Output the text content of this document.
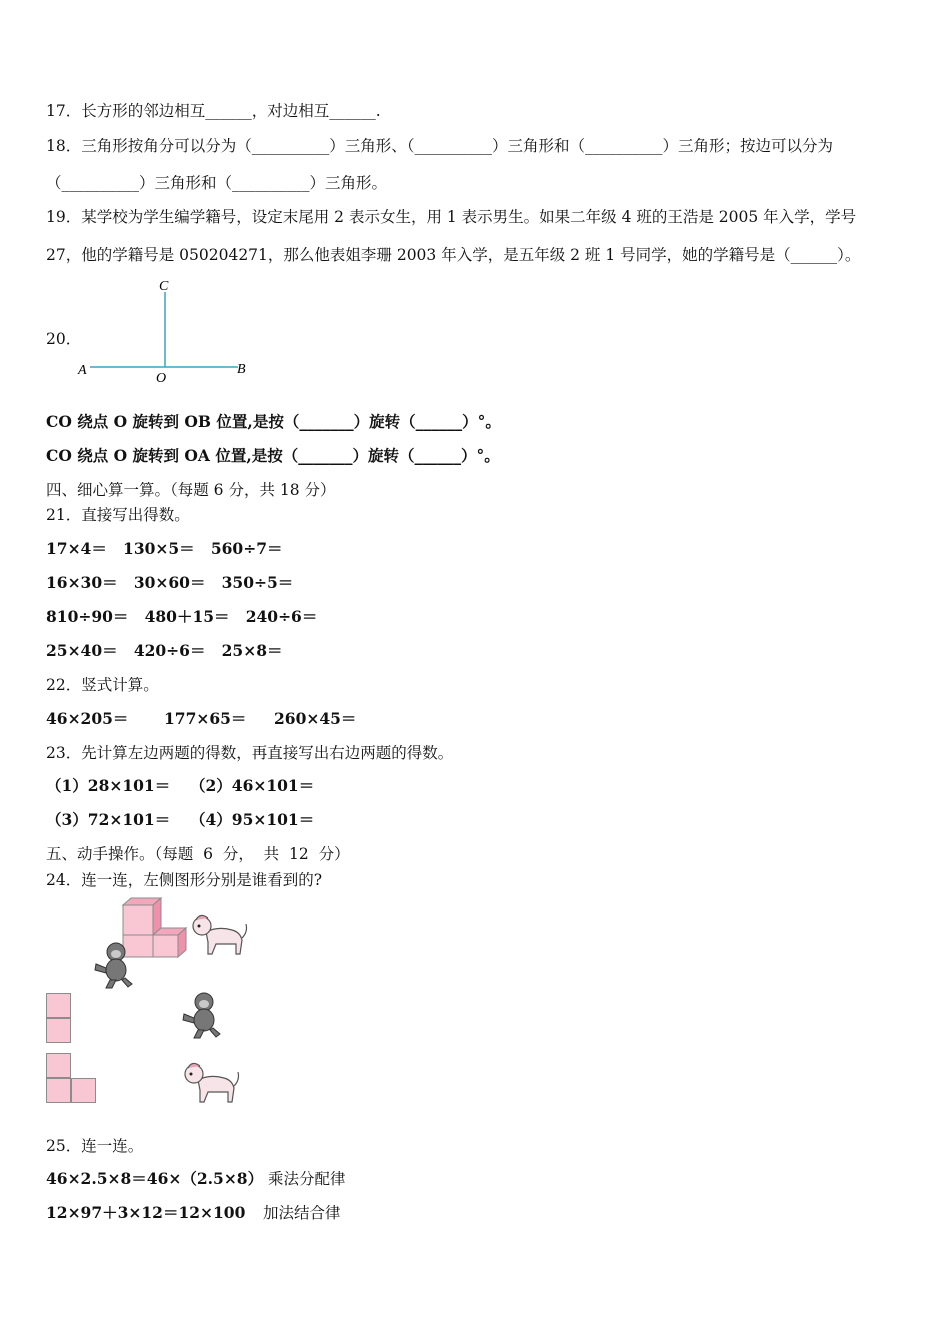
17．长方形的邻边相互______，对边相互______.
18．三角形按角分可以分为（__________）三角形、（__________）三角形和（__________）三角形；按边可以分为
（__________）三角形和（__________）三角形。
19．某学校为学生编学籍号，设定末尾用 2 表示女生，用 1 表示男生。如果二年级 4 班的王浩是 2005 年入学，学号
27，他的学籍号是 050204271，那么他表姐李珊 2003 年入学，是五年级 2 班 1 号同学，她的学籍号是（______）。
20．
C
A
O
B
CO 绕点 O 旋转到 OB 位置,是按（_______）旋转（______）°。
CO 绕点 O 旋转到 OA 位置,是按（_______）旋转（______）°。
四、细心算一算。（每题 6 分，共 18 分）
21．直接写出得数。
17×4＝   130×5＝   560÷7＝
16×30＝   30×60＝   350÷5＝
810÷90＝   480＋15＝   240÷6＝
25×40＝   420÷6＝   25×8＝
22．竖式计算。
46×205＝ 177×65＝ 260×45＝
23．先计算左边两题的得数，再直接写出右边两题的得数。
（1）28×101＝ （2）46×101＝
（3）72×101＝ （4）95×101＝
五、动手操作。（每题  6  分，  共  12  分）
24．连一连，左侧图形分别是谁看到的?
25．连一连。
46×2.5×8＝46×（2.5×8） 乘法分配律
12×97＋3×12＝12×100 加法结合律
